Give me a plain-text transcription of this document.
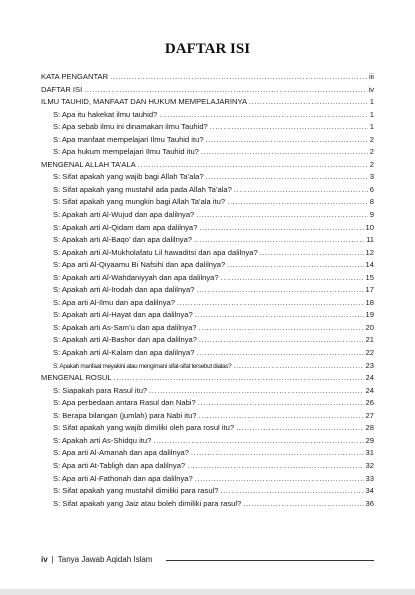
DAFTAR ISI
KATA PENGANTAR .....	iii
DAFTAR ISI .....	iv
ILMU TAUHID, MANFAAT DAN HUKUM MEMPELAJARINYA .....	1
S: Apa itu hakekat ilmu tauhid? .....	1
S: Apa sebab ilmu ini dinamakan ilmu Tauhid? .....	1
S: Apa manfaat mempelajari Ilmu Tauhid itu? .....	2
S: Apa hukum mempelajari Ilmu Tauhid itu? .....	2
MENGENAL ALLAH TA’ALA .....	2
S: Sifat apakah yang wajib bagi Allah Ta’ala? .....	3
S: Sifat apakah yang mustahil ada pada Allah Ta’ala? .....	6
S: Sifat apakah yang mungkin bagi Allah Ta’ala itu? .....	8
S: Apakah arti Al-Wujud dan apa dalilnya? .....	9
S: Apakah arti Al-Qidam dam apa dalilnya? .....	10
S: Apakah arti Al-Baqo’ dan apa dalilnya? .....	11
S: Apakah arti Al-Mukholafatu Lil hawaditsi dan apa dalilnya? .....	12
S: Apa arti Al-Qiyaamu Bi Nafsihi dan apa dalilnya? .....	14
S: Apakah arti Al-Wahdaniyyah dan apa dalilnya? .....	15
S: Apakah arti Al-Irodah dan apa dalilnya? .....	17
S: Apa arti Al-Ilmu dan apa dalilnya? .....	18
S: Apakah arti Al-Hayat dan apa dalilnya? .....	19
S: Apakah arti As-Sam’u dan apa dalilnya? .....	20
S: Apakah arti Al-Bashor dan apa dalilnya? .....	21
S: Apakah arti Al-Kalam dan apa dalilnya? .....	22
S: Apakah manfaat meyakini atau mengimani sifat-sifat tersebut diatas? .....	23
MENGENAL ROSUL .....	24
S: Siapakah para Rasul itu? .....	24
S: Apa perbedaan antara Rasul dan Nabi? .....	26
S: Berapa bilangan (jumlah) para Nabi itu? .....	27
S: Sifat apakah yang wajib dimiliki oleh para rosul itu? .....	28
S: Apakah arti As-Shidqu itu? .....	29
S: Apa arti Al-Amanah dan apa dalilnya? .....	31
S: Apa arti At-Tabligh dan apa dalilnya? .....	32
S: Apa arti Al-Fathonah dan apa dalilnya? .....	33
S: Sifat apakah yang mustahil dimiliki para rasul? .....	34
S: Sifat apakah yang Jaiz atau boleh dimiliki para rasul? .....	36
iv | Tanya Jawab Aqidah Islam
